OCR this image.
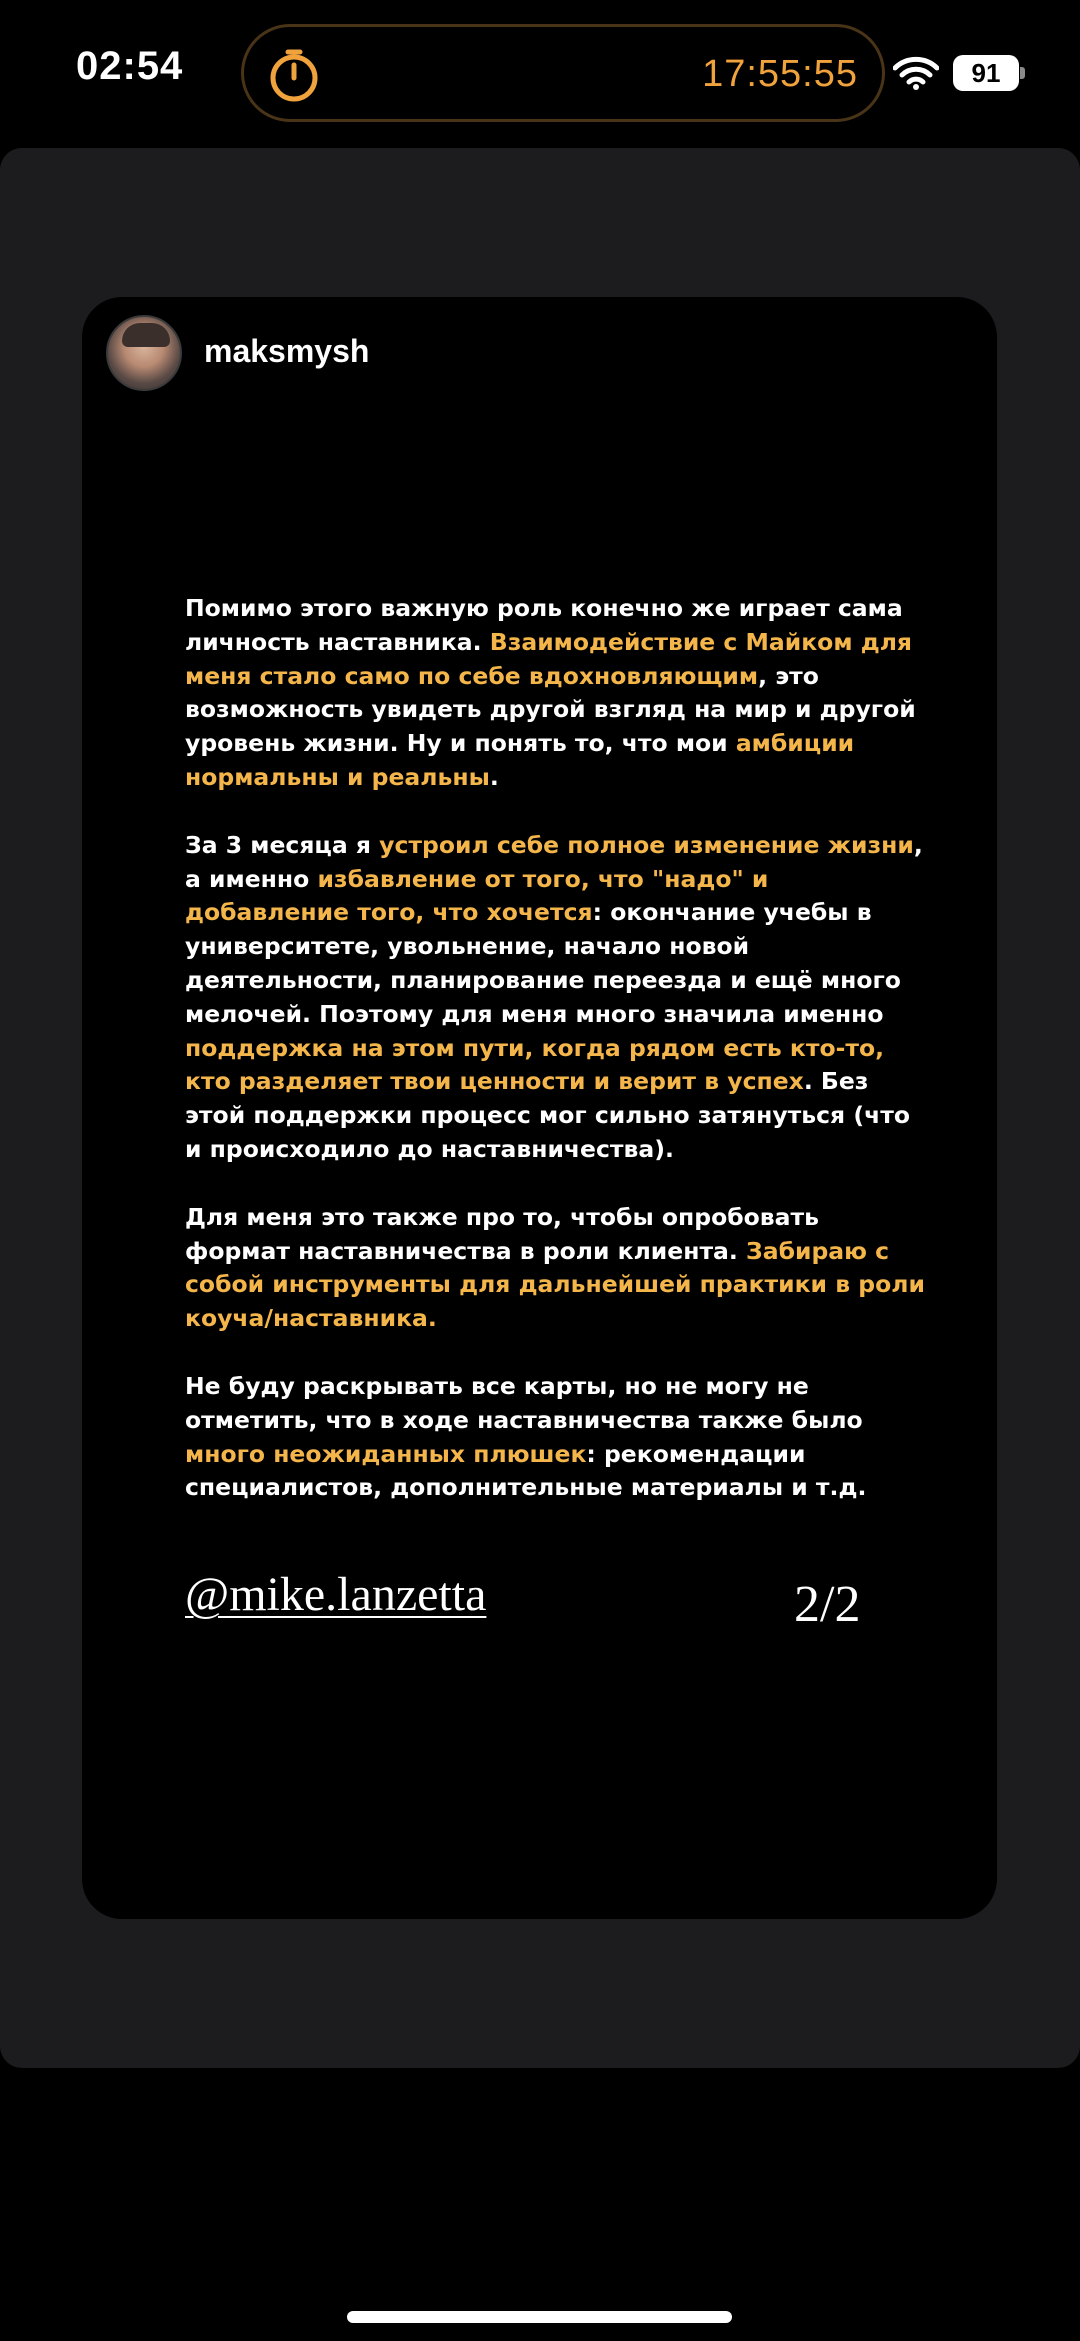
02:54	17:55:55	91
maksmysh

Помимо этого важную роль конечно же играет сама личность наставника. Взаимодействие с Майком для меня стало само по себе вдохновляющим, это возможность увидеть другой взгляд на мир и другой уровень жизни. Ну и понять то, что мои амбиции нормальны и реальны.

За 3 месяца я устроил себе полное изменение жизни, а именно избавление от того, что "надо" и добавление того, что хочется: окончание учебы в университете, увольнение, начало новой деятельности, планирование переезда и ещё много мелочей. Поэтому для меня много значила именно поддержка на этом пути, когда рядом есть кто-то, кто разделяет твои ценности и верит в успех. Без этой поддержки процесс мог сильно затянуться (что и происходило до наставничества).

Для меня это также про то, чтобы опробовать формат наставничества в роли клиента. Забираю с собой инструменты для дальнейшей практики в роли коуча/наставника.

Не буду раскрывать все карты, но не могу не отметить, что в ходе наставничества также было много неожиданных плюшек: рекомендации специалистов, дополнительные материалы и т.д.

@mike.lanzetta	2/2
